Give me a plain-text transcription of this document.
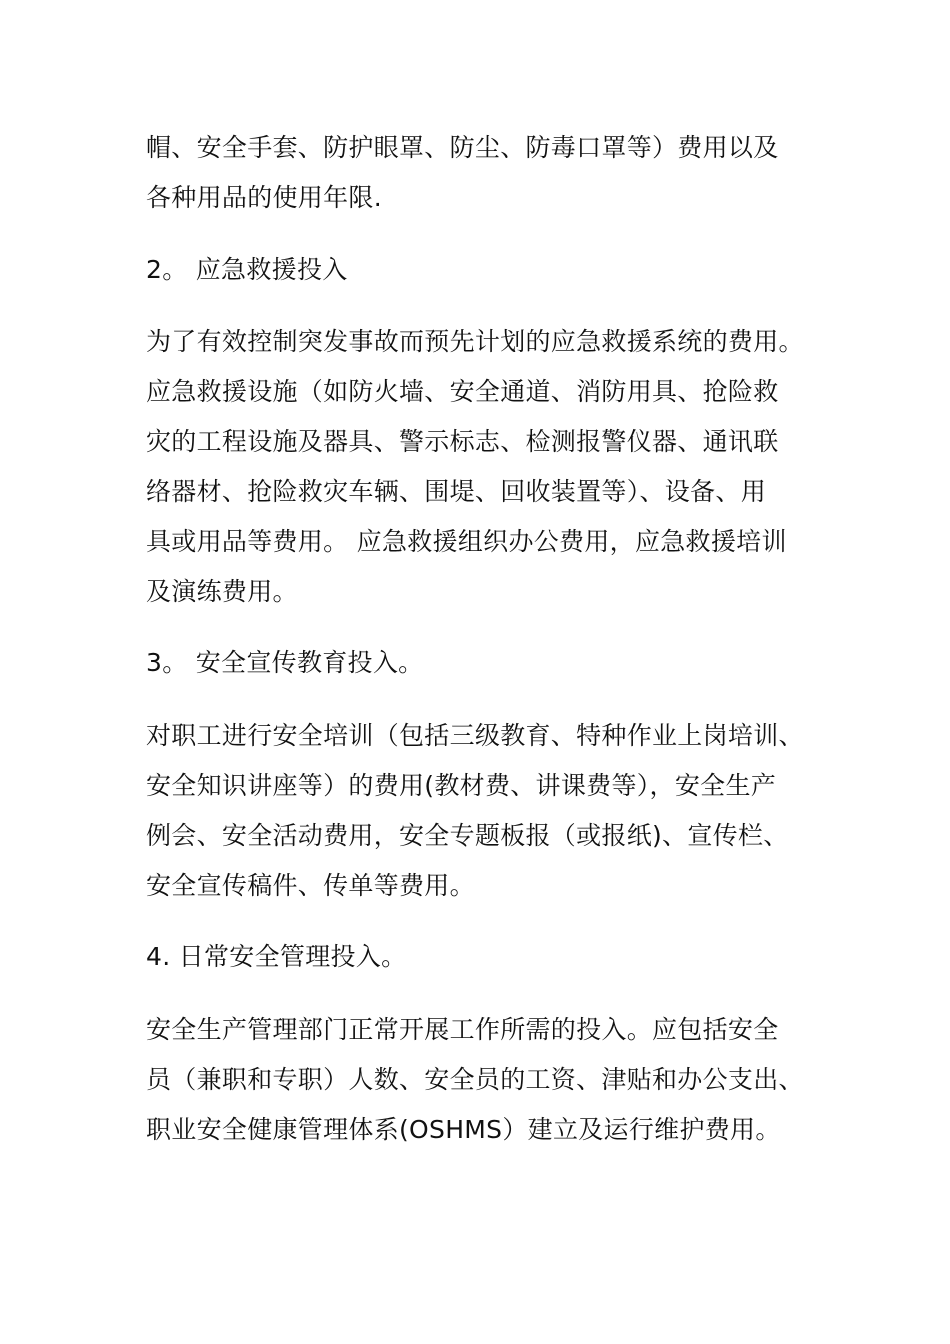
帽、安全手套、防护眼罩、防尘、防毒口罩等）费用以及
各种用品的使用年限.
2。 应急救援投入
为了有效控制突发事故而预先计划的应急救援系统的费用。
应急救援设施（如防火墙、安全通道、消防用具、抢险救
灾的工程设施及器具、警示标志、检测报警仪器、通讯联
络器材、抢险救灾车辆、围堤、回收装置等）、设备、用
具或用品等费用。 应急救援组织办公费用，应急救援培训
及演练费用。
3。 安全宣传教育投入。
对职工进行安全培训（包括三级教育、特种作业上岗培训、
安全知识讲座等）的费用(教材费、讲课费等），安全生产
例会、安全活动费用，安全专题板报（或报纸)、宣传栏、
安全宣传稿件、传单等费用。
4. 日常安全管理投入。
安全生产管理部门正常开展工作所需的投入。应包括安全
员（兼职和专职）人数、安全员的工资、津贴和办公支出、
职业安全健康管理体系(OSHMS）建立及运行维护费用。
